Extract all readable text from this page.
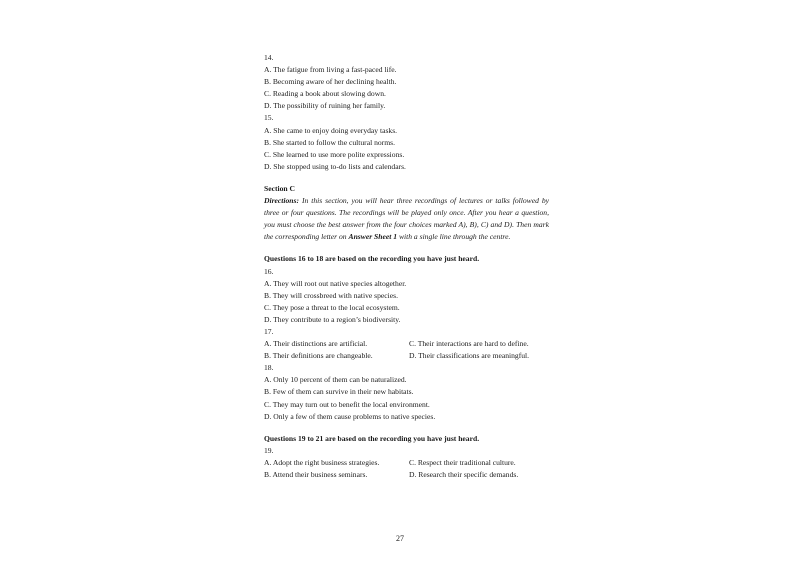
14.
A. The fatigue from living a fast-paced life.
B. Becoming aware of her declining health.
C. Reading a book about slowing down.
D. The possibility of ruining her family.
15.
A. She came to enjoy doing everyday tasks.
B. She started to follow the cultural norms.
C. She learned to use more polite expressions.
D. She stopped using to-do lists and calendars.
Section C
Directions: In this section, you will hear three recordings of lectures or talks followed by three or four questions. The recordings will be played only once. After you hear a question, you must choose the best answer from the four choices marked A), B), C) and D). Then mark the corresponding letter on Answer Sheet 1 with a single line through the centre.
Questions 16 to 18 are based on the recording you have just heard.
16.
A. They will root out native species altogether.
B. They will crossbreed with native species.
C. They pose a threat to the local ecosystem.
D. They contribute to a region’s biodiversity.
17.
A. Their distinctions are artificial.	C. Their interactions are hard to define.
B. Their definitions are changeable.	D. Their classifications are meaningful.
18.
A. Only 10 percent of them can be naturalized.
B. Few of them can survive in their new habitats.
C. They may turn out to benefit the local environment.
D. Only a few of them cause problems to native species.
Questions 19 to 21 are based on the recording you have just heard.
19.
A. Adopt the right business strategies.	C. Respect their traditional culture.
B. Attend their business seminars.	D. Research their specific demands.
27
